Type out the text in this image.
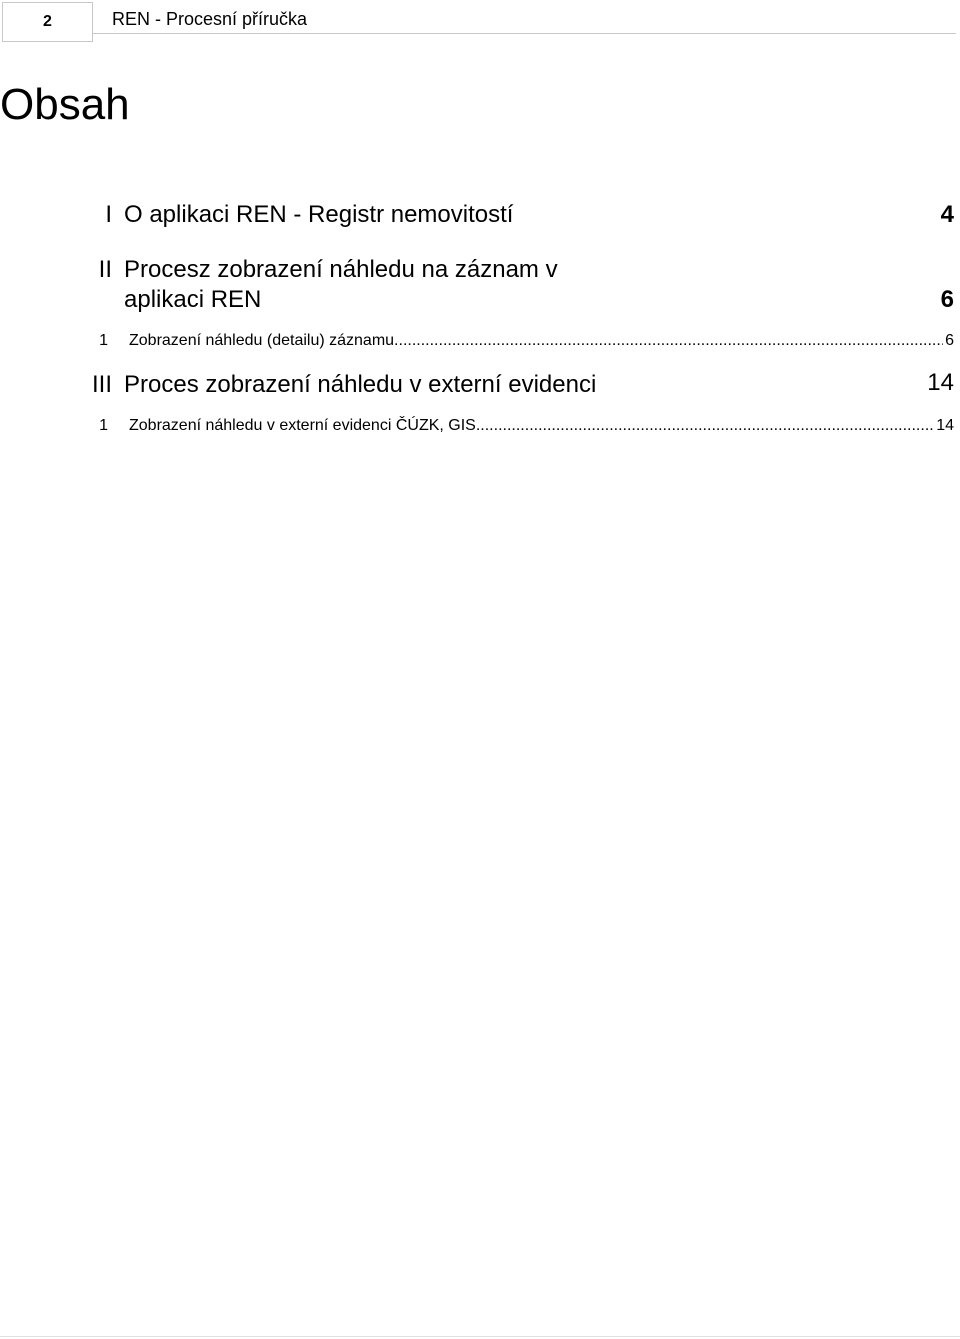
2	REN - Procesní příručka
Obsah
I O aplikaci REN - Registr nemovitostí	4
II Procesz zobrazení náhledu na záznam v
aplikaci REN	6
1 Zobrazení náhledu (detailu) záznamu .....	6
III Proces zobrazení náhledu v externí evidenci	14
1 Zobrazení náhledu v externí evidenci ČÚZK, GIS .....	14
